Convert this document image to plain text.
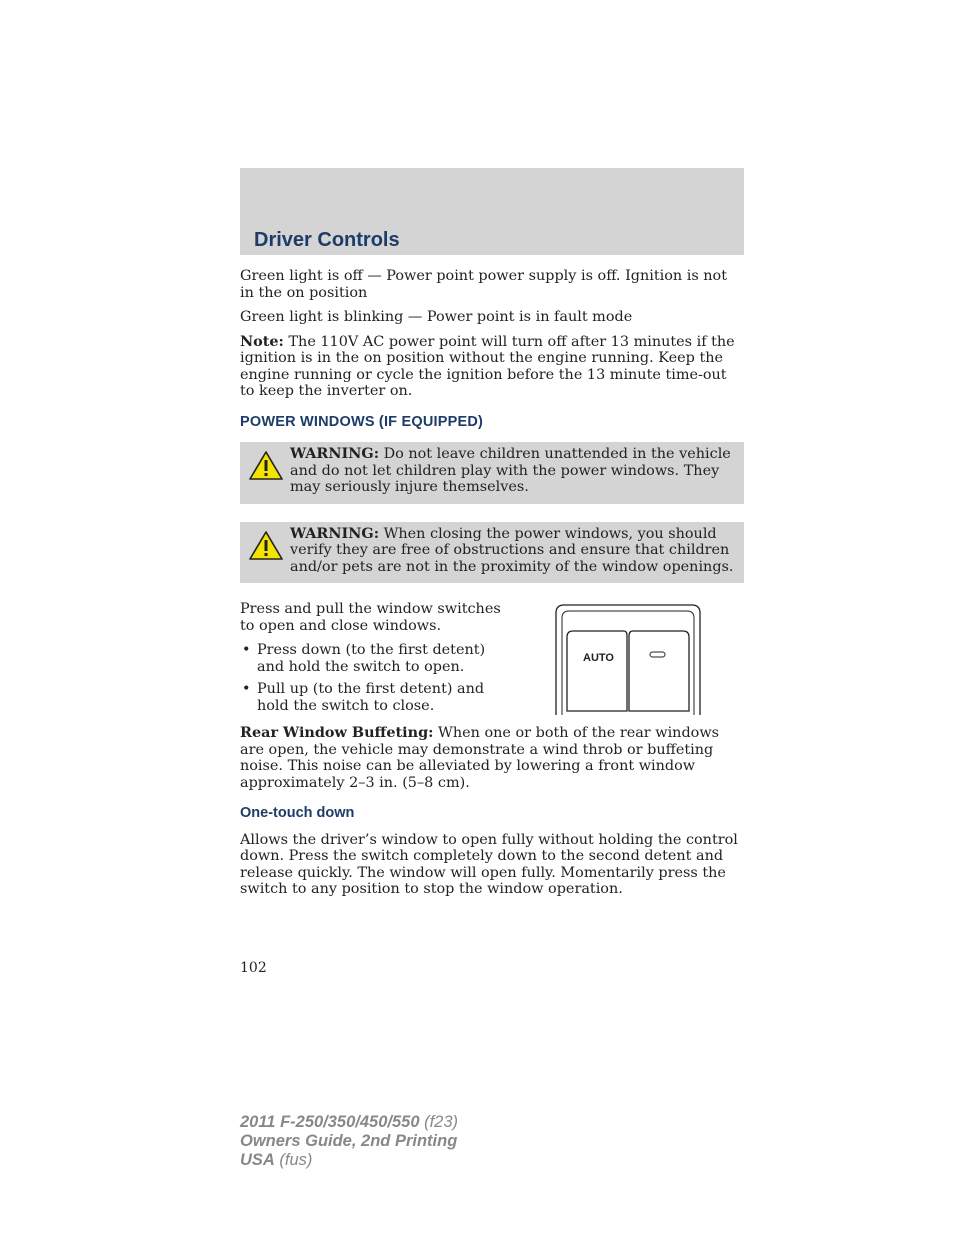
Driver Controls

Green light is off — Power point power supply is off. Ignition is not in the on position

Green light is blinking — Power point is in fault mode

Note: The 110V AC power point will turn off after 13 minutes if the ignition is in the on position without the engine running. Keep the engine running or cycle the ignition before the 13 minute time-out to keep the inverter on.

POWER WINDOWS (IF EQUIPPED)
WARNING: Do not leave children unattended in the vehicle and do not let children play with the power windows. They may seriously injure themselves.
WARNING: When closing the power windows, you should verify they are free of obstructions and ensure that children and/or pets are not in the proximity of the window openings.

Press and pull the window switches to open and close windows.

• Press down (to the first detent) and hold the switch to open.
• Pull up (to the first detent) and hold the switch to close.
AUTO

Rear Window Buffeting: When one or both of the rear windows are open, the vehicle may demonstrate a wind throb or buffeting noise. This noise can be alleviated by lowering a front window approximately 2–3 in. (5–8 cm).

One-touch down

Allows the driver’s window to open fully without holding the control down. Press the switch completely down to the second detent and release quickly. The window will open fully. Momentarily press the switch to any position to stop the window operation.

102
2011 F-250/350/450/550 (f23)
Owners Guide, 2nd Printing
USA (fus)
